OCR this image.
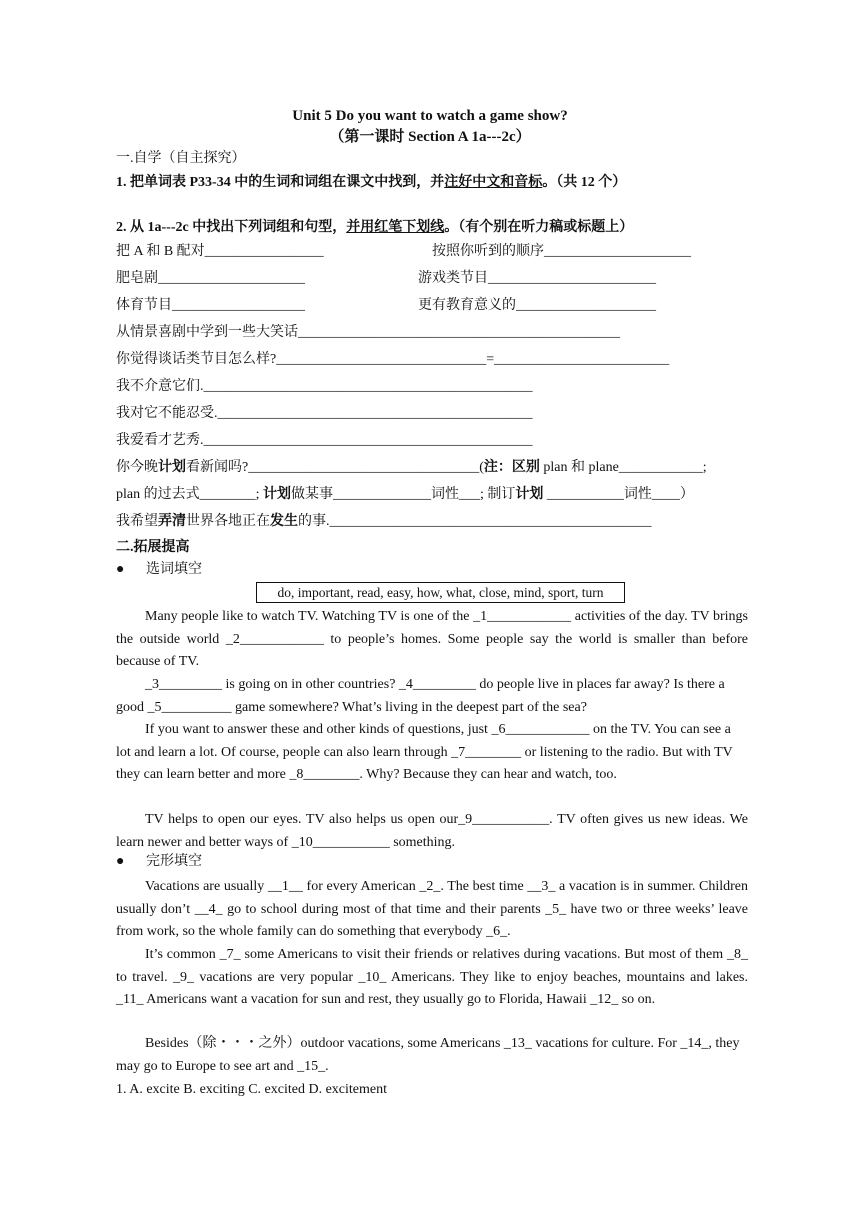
Unit 5 Do you want to watch a game show?
（第一课时 Section A 1a---2c）
一.自学（自主探究）
1. 把单词表 P33-34 中的生词和词组在课文中找到，并注好中文和音标。（共 12 个）
2. 从 1a---2c 中找出下列词组和句型，并用红笔下划线。（有个别在听力稿或标题上）
把 A 和 B 配对_________________	按照你听到的顺序_____________________
肥皂剧_____________________	游戏类节目________________________
体育节目___________________	更有教育意义的____________________
从情景喜剧中学到一些大笑话______________________________________________
你觉得谈话类节目怎么样?______________________________=_________________________
我不介意它们._______________________________________________
我对它不能忍受._____________________________________________
我爱看才艺秀._______________________________________________
你今晚计划看新闻吗?_________________________________(注：区别 plan 和 plane____________;
plan 的过去式________; 计划做某事______________词性___; 制订计划 ___________词性____）
我希望弄清世界各地正在发生的事.______________________________________________
二.拓展提高
● 选词填空
do, important, read, easy, how, what, close, mind, sport, turn
Many people like to watch TV. Watching TV is one of the _1____________ activities of the day. TV brings the outside world _2____________ to people’s homes. Some people say the world is smaller than before because of TV.
_3_________ is going on in other countries? _4_________ do people live in places far away? Is there a good _5__________ game somewhere? What’s living in the deepest part of the sea?
If you want to answer these and other kinds of questions, just _6____________ on the TV. You can see a lot and learn a lot. Of course, people can also learn through _7________ or listening to the radio. But with TV they can learn better and more _8________. Why? Because they can hear and watch, too.
TV helps to open our eyes. TV also helps us open our_9___________. TV often gives us new ideas. We learn newer and better ways of _10___________ something.
● 完形填空
Vacations are usually __1__ for every American _2_. The best time __3_ a vacation is in summer. Children usually don’t __4_ go to school during most of that time and their parents _5_ have two or three weeks’ leave from work, so the whole family can do something that everybody _6_.
It’s common _7_ some Americans to visit their friends or relatives during vacations. But most of them _8_ to travel. _9_ vacations are very popular _10_ Americans. They like to enjoy beaches, mountains and lakes. _11_ Americans want a vacation for sun and rest, they usually go to Florida, Hawaii _12_ so on.
Besides（除・・・之外）outdoor vacations, some Americans _13_ vacations for culture. For _14_, they may go to Europe to see art and _15_.
1. A. excite B. exciting C. excited D. excitement
